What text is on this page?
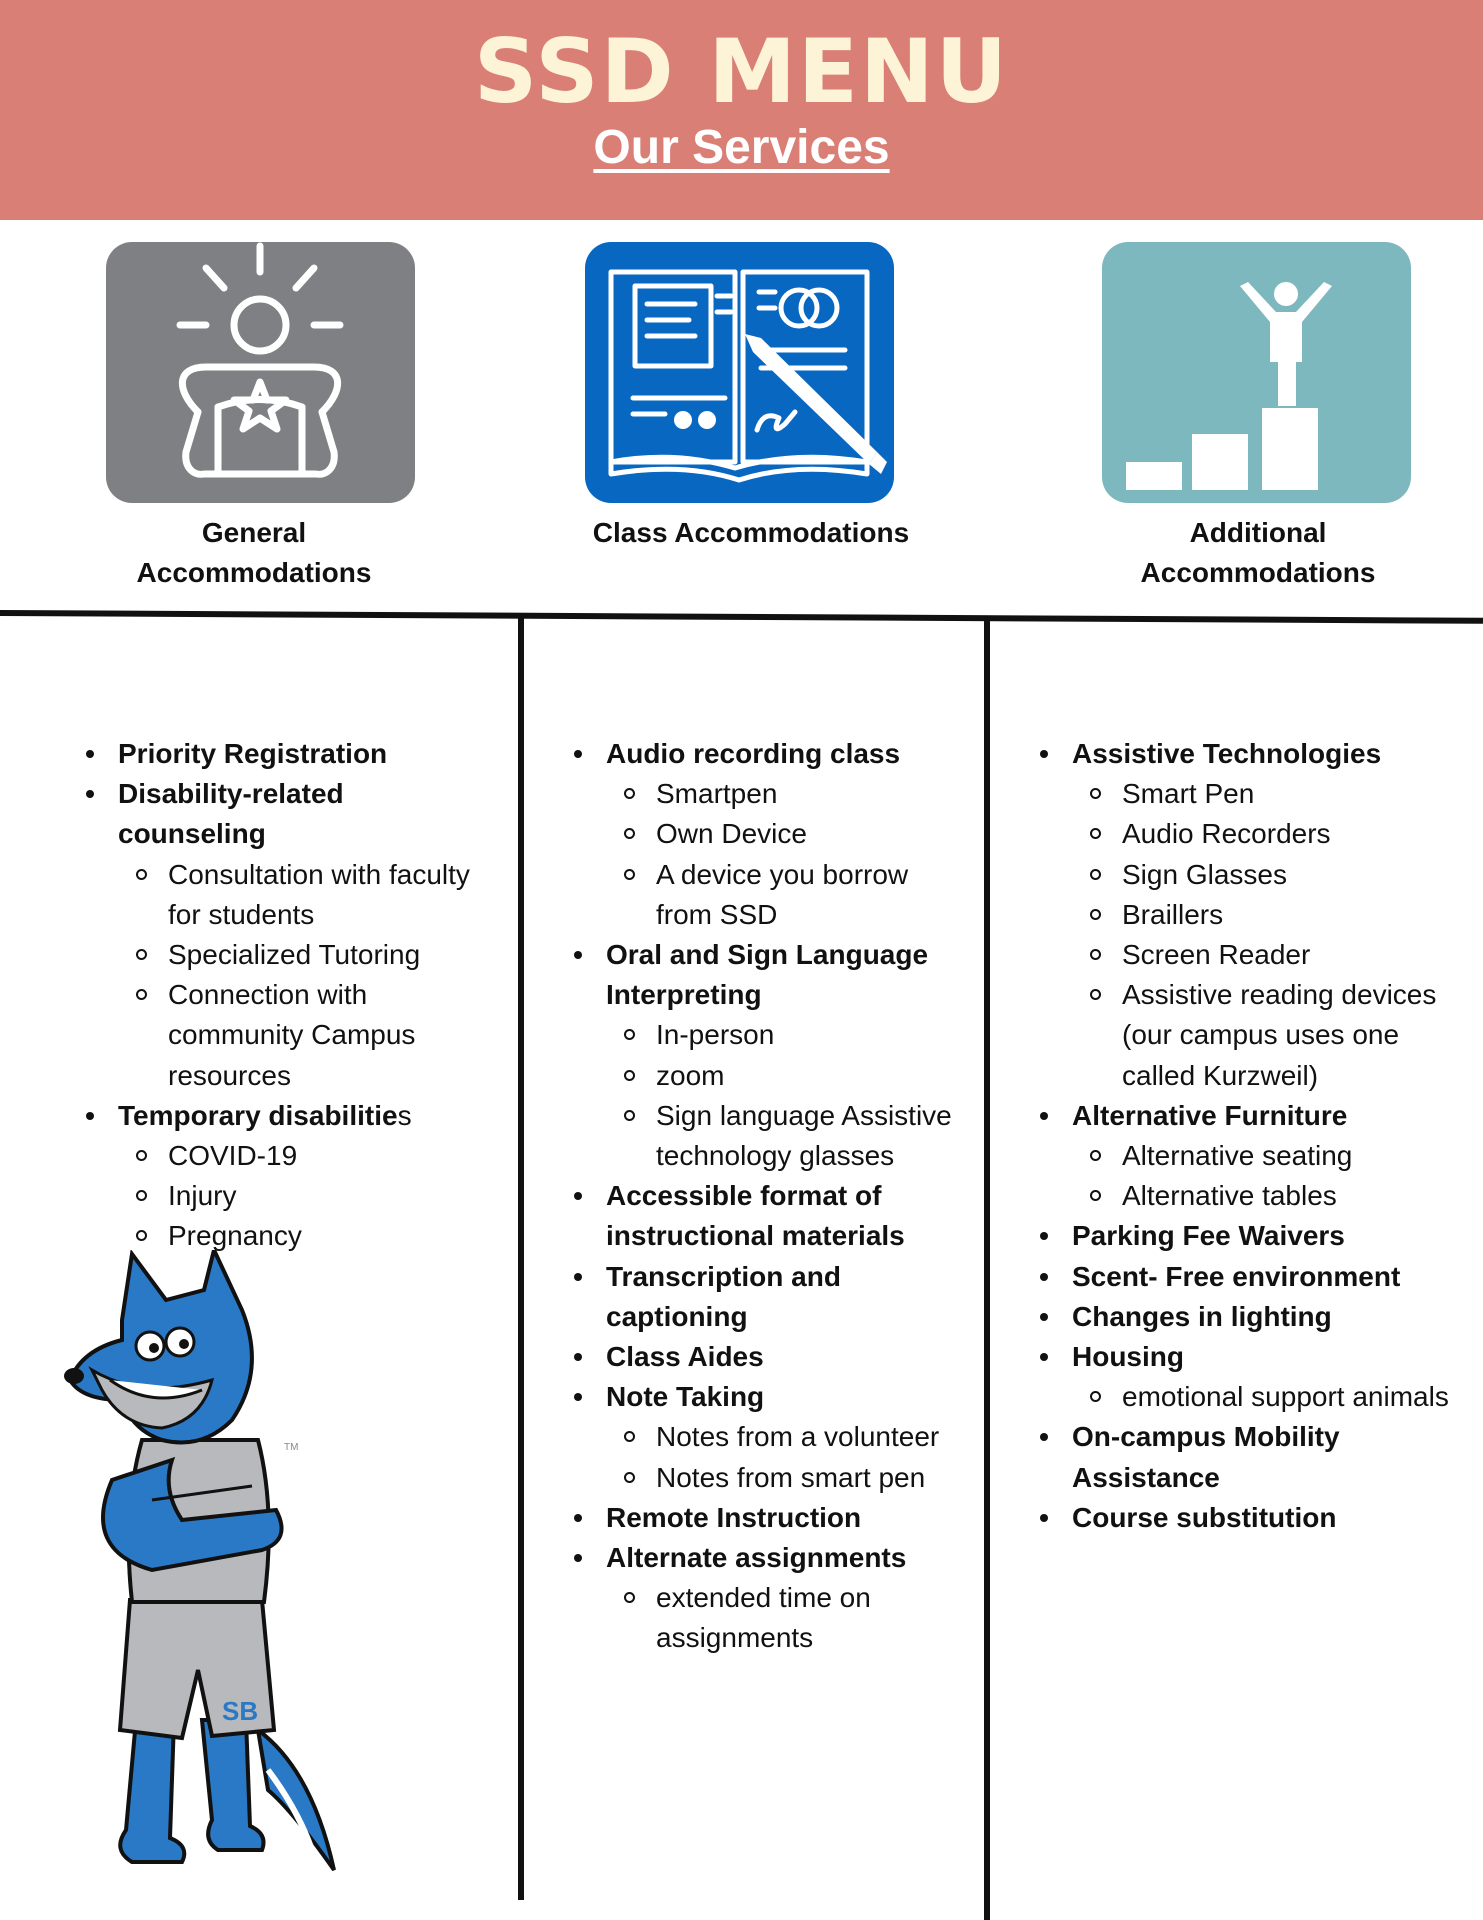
SSD MENU
Our Services
General Accommodations
Class Accommodations	Additional Accommodations
Priority Registration
Disability-related counseling
Consultation with faculty for students
Specialized Tutoring
Connection with community Campus resources
Temporary disabilities
COVID-19
Injury
Pregnancy
Audio recording class
Smartpen
Own Device
A device you borrow from SSD
Oral and Sign Language Interpreting
In-person
zoom
Sign language Assistive technology glasses
Accessible format of instructional materials
Transcription and captioning
Class Aides
Note Taking
Notes from a volunteer
Notes from smart pen
Remote Instruction
Alternate assignments
extended time on assignments
Assistive Technologies
Smart Pen
Audio Recorders
Sign Glasses
Braillers
Screen Reader
Assistive reading devices (our campus uses one called Kurzweil)
Alternative Furniture
Alternative seating
Alternative tables
Parking Fee Waivers
Scent- Free environment
Changes in lighting
Housing
emotional support animals
On-campus Mobility Assistance
Course substitution
SB
TM
